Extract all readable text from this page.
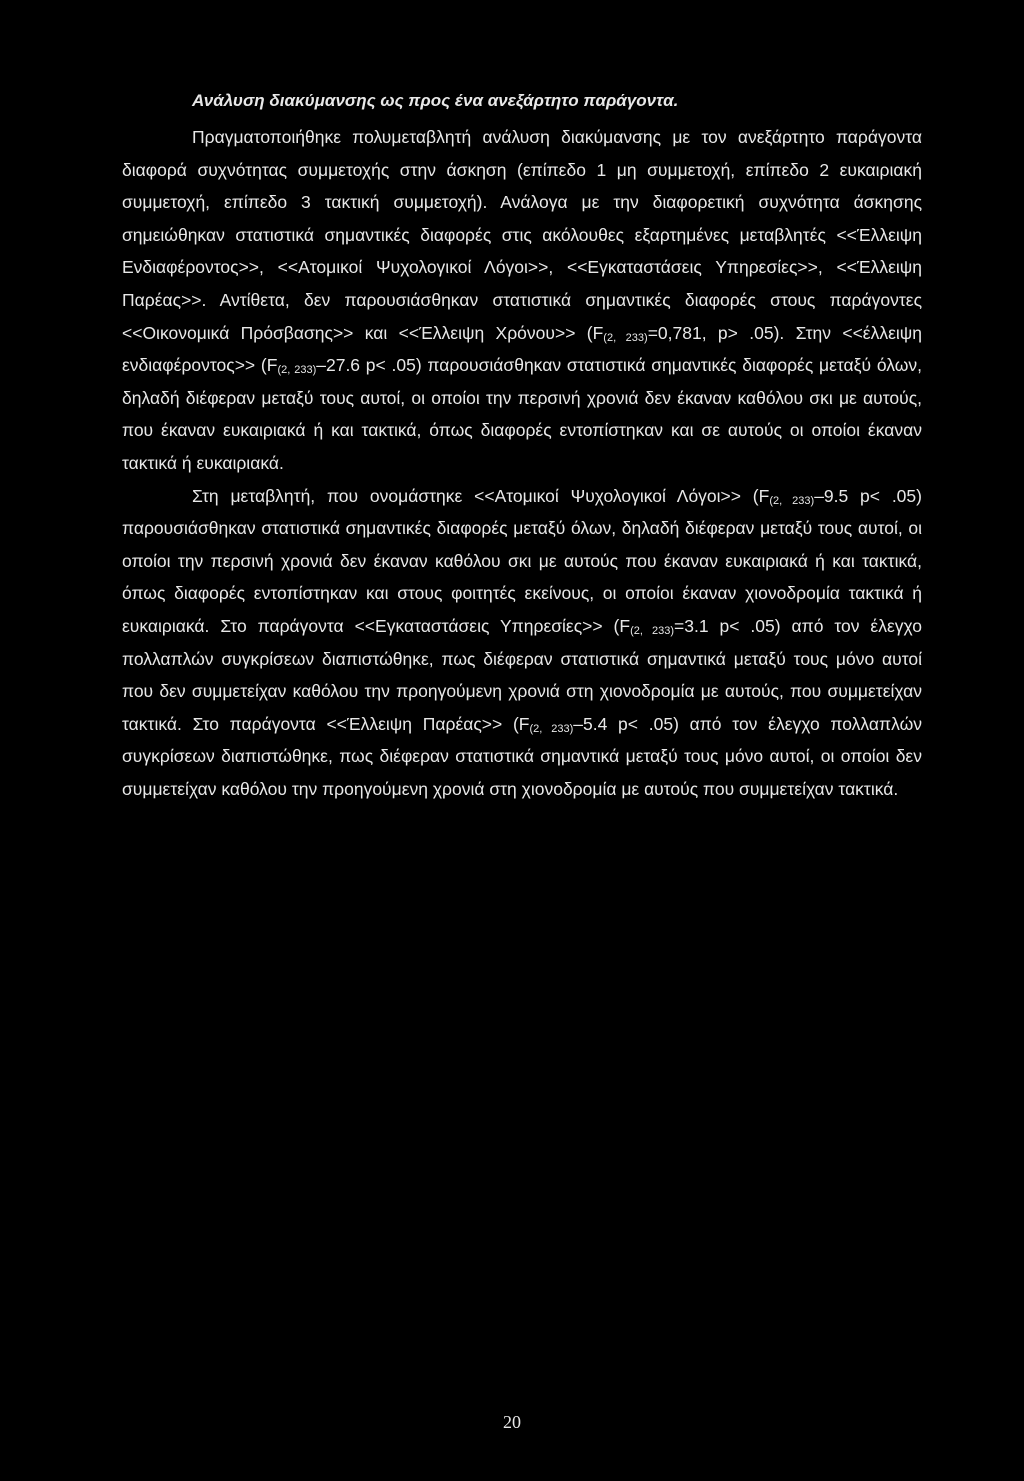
Ανάλυση διακύμανσης ως προς ένα ανεξάρτητο παράγοντα.

Πραγματοποιήθηκε πολυμεταβλητή ανάλυση διακύμανσης με τον ανεξάρτητο παράγοντα διαφορά συχνότητας συμμετοχής στην άσκηση (επίπεδο 1 μη συμμετοχή, επίπεδο 2 ευκαιριακή συμμετοχή, επίπεδο 3 τακτική συμμετοχή). Ανάλογα με την διαφορετική συχνότητα άσκησης σημειώθηκαν στατιστικά σημαντικές διαφορές στις ακόλουθες εξαρτημένες μεταβλητές <<Έλλειψη Ενδιαφέροντος>>, <<Ατομικοί Ψυχολογικοί Λόγοι>>, <<Εγκαταστάσεις Υπηρεσίες>>, <<Έλλειψη Παρέας>>. Αντίθετα, δεν παρουσιάσθηκαν στατιστικά σημαντικές διαφορές στους παράγοντες <<Οικονομικά Πρόσβασης>> και <<Έλλειψη $X\rho ό\nu o\upsilon>> (F_{(2, 233)}=0,781$, p> .05). Στην <<έλλειψη $\varepsilon\nu\delta\iota\alpha\varphi έ\rho o\nu\tau o\varsigma>> (F_{(2, 233)}-27.6$ p< .05) παρουσιάσθηκαν στατιστικά σημαντικές διαφορές μεταξύ όλων, δηλαδή διέφεραν μεταξύ τους αυτοί, οι οποίοι την περσινή χρονιά δεν έκαναν καθόλου σκι με αυτούς, που έκαναν ευκαιριακά ή και τακτικά, όπως διαφορές εντοπίστηκαν και σε αυτούς οι οποίοι έκαναν τακτικά ή ευκαιριακά.

Στη μεταβλητή, που ονομάστηκε <<Ατομικοί Ψυχολογικοί $\Lambda ό\gamma o\iota>> (F_{(2, 233)}-9.5$ p< .05) παρουσιάσθηκαν στατιστικά σημαντικές διαφορές μεταξύ όλων, δηλαδή διέφεραν μεταξύ τους αυτοί, οι οποίοι την περσινή χρονιά δεν έκαναν καθόλου σκι με αυτούς που έκαναν ευκαιριακά ή και τακτικά, όπως διαφορές εντοπίστηκαν και στους φοιτητές εκείνους, οι οποίοι έκαναν χιονοδρομία τακτικά ή ευκαιριακά. Στο παράγοντα <<Εγκαταστάσεις $\Upsilon\pi\eta\rho\varepsilon\sigma ί\varepsilon\varsigma>> (F_{(2, 233)}=3.1$ p< .05) από τον έλεγχο πολλαπλών συγκρίσεων διαπιστώθηκε, πως διέφεραν στατιστικά σημαντικά μεταξύ τους μόνο αυτοί που δεν συμμετείχαν καθόλου την προηγούμενη χρονιά στη χιονοδρομία με αυτούς, που συμμετείχαν τακτικά. Στο παράγοντα <<Έλλειψη $\Pi\alpha\rho έ\alpha\varsigma>> (F_{(2, 233)}-5.4$ p< .05) από τον έλεγχο πολλαπλών συγκρίσεων διαπιστώθηκε, πως διέφεραν στατιστικά σημαντικά μεταξύ τους μόνο αυτοί, οι οποίοι δεν συμμετείχαν καθόλου την προηγούμενη χρονιά στη χιονοδρομία με αυτούς που συμμετείχαν τακτικά.

20
